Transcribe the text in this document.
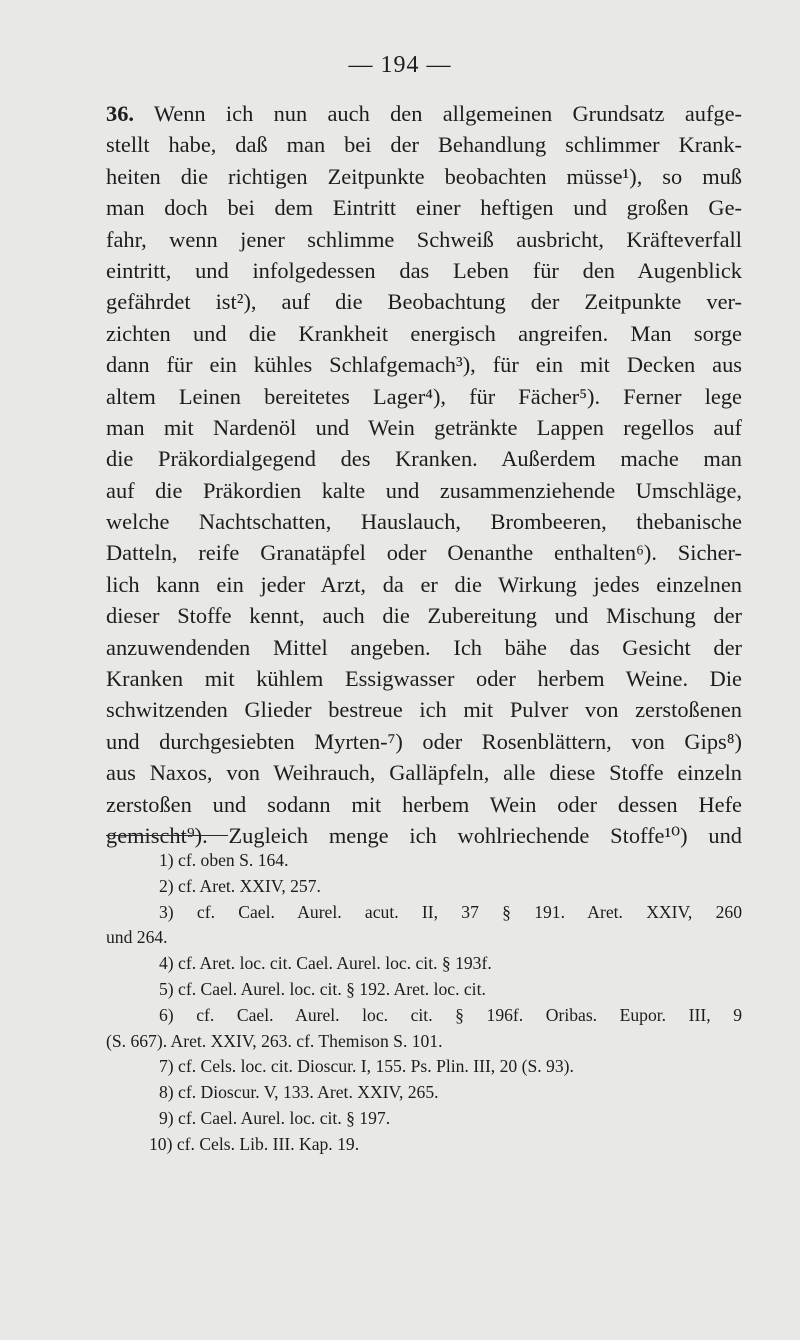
— 194 —
36. Wenn ich nun auch den allgemeinen Grundsatz aufge-
stellt habe, daß man bei der Behandlung schlimmer Krank-
heiten die richtigen Zeitpunkte beobachten müsse¹), so muß
man doch bei dem Eintritt einer heftigen und großen Ge-
fahr, wenn jener schlimme Schweiß ausbricht, Kräfteverfall
eintritt, und infolgedessen das Leben für den Augenblick
gefährdet ist²), auf die Beobachtung der Zeitpunkte ver-
zichten und die Krankheit energisch angreifen. Man sorge
dann für ein kühles Schlafgemach³), für ein mit Decken aus
altem Leinen bereitetes Lager⁴), für Fächer⁵). Ferner lege
man mit Nardenöl und Wein getränkte Lappen regellos auf
die Präkordialgegend des Kranken. Außerdem mache man
auf die Präkordien kalte und zusammenziehende Umschläge,
welche Nachtschatten, Hauslauch, Brombeeren, thebanische
Datteln, reife Granatäpfel oder Oenanthe enthalten⁶). Sicher-
lich kann ein jeder Arzt, da er die Wirkung jedes einzelnen
dieser Stoffe kennt, auch die Zubereitung und Mischung der
anzuwendenden Mittel angeben. Ich bähe das Gesicht der
Kranken mit kühlem Essigwasser oder herbem Weine. Die
schwitzenden Glieder bestreue ich mit Pulver von zerstoßenen
und durchgesiebten Myrten-⁷) oder Rosenblättern, von Gips⁸)
aus Naxos, von Weihrauch, Galläpfeln, alle diese Stoffe einzeln
zerstoßen und sodann mit herbem Wein oder dessen Hefe
gemischt⁹). Zugleich menge ich wohlriechende Stoffe¹⁰) und
1) cf. oben S. 164.
2) cf. Aret. XXIV, 257.
3) cf. Cael. Aurel. acut. II, 37 § 191. Aret. XXIV, 260
und 264.
4) cf. Aret. loc. cit. Cael. Aurel. loc. cit. § 193f.
5) cf. Cael. Aurel. loc. cit. § 192. Aret. loc. cit.
6) cf. Cael. Aurel. loc. cit. § 196f. Oribas. Eupor. III, 9
(S. 667). Aret. XXIV, 263. cf. Themison S. 101.
7) cf. Cels. loc. cit. Dioscur. I, 155. Ps. Plin. III, 20 (S. 93).
8) cf. Dioscur. V, 133. Aret. XXIV, 265.
9) cf. Cael. Aurel. loc. cit. § 197.
10) cf. Cels. Lib. III. Kap. 19.
